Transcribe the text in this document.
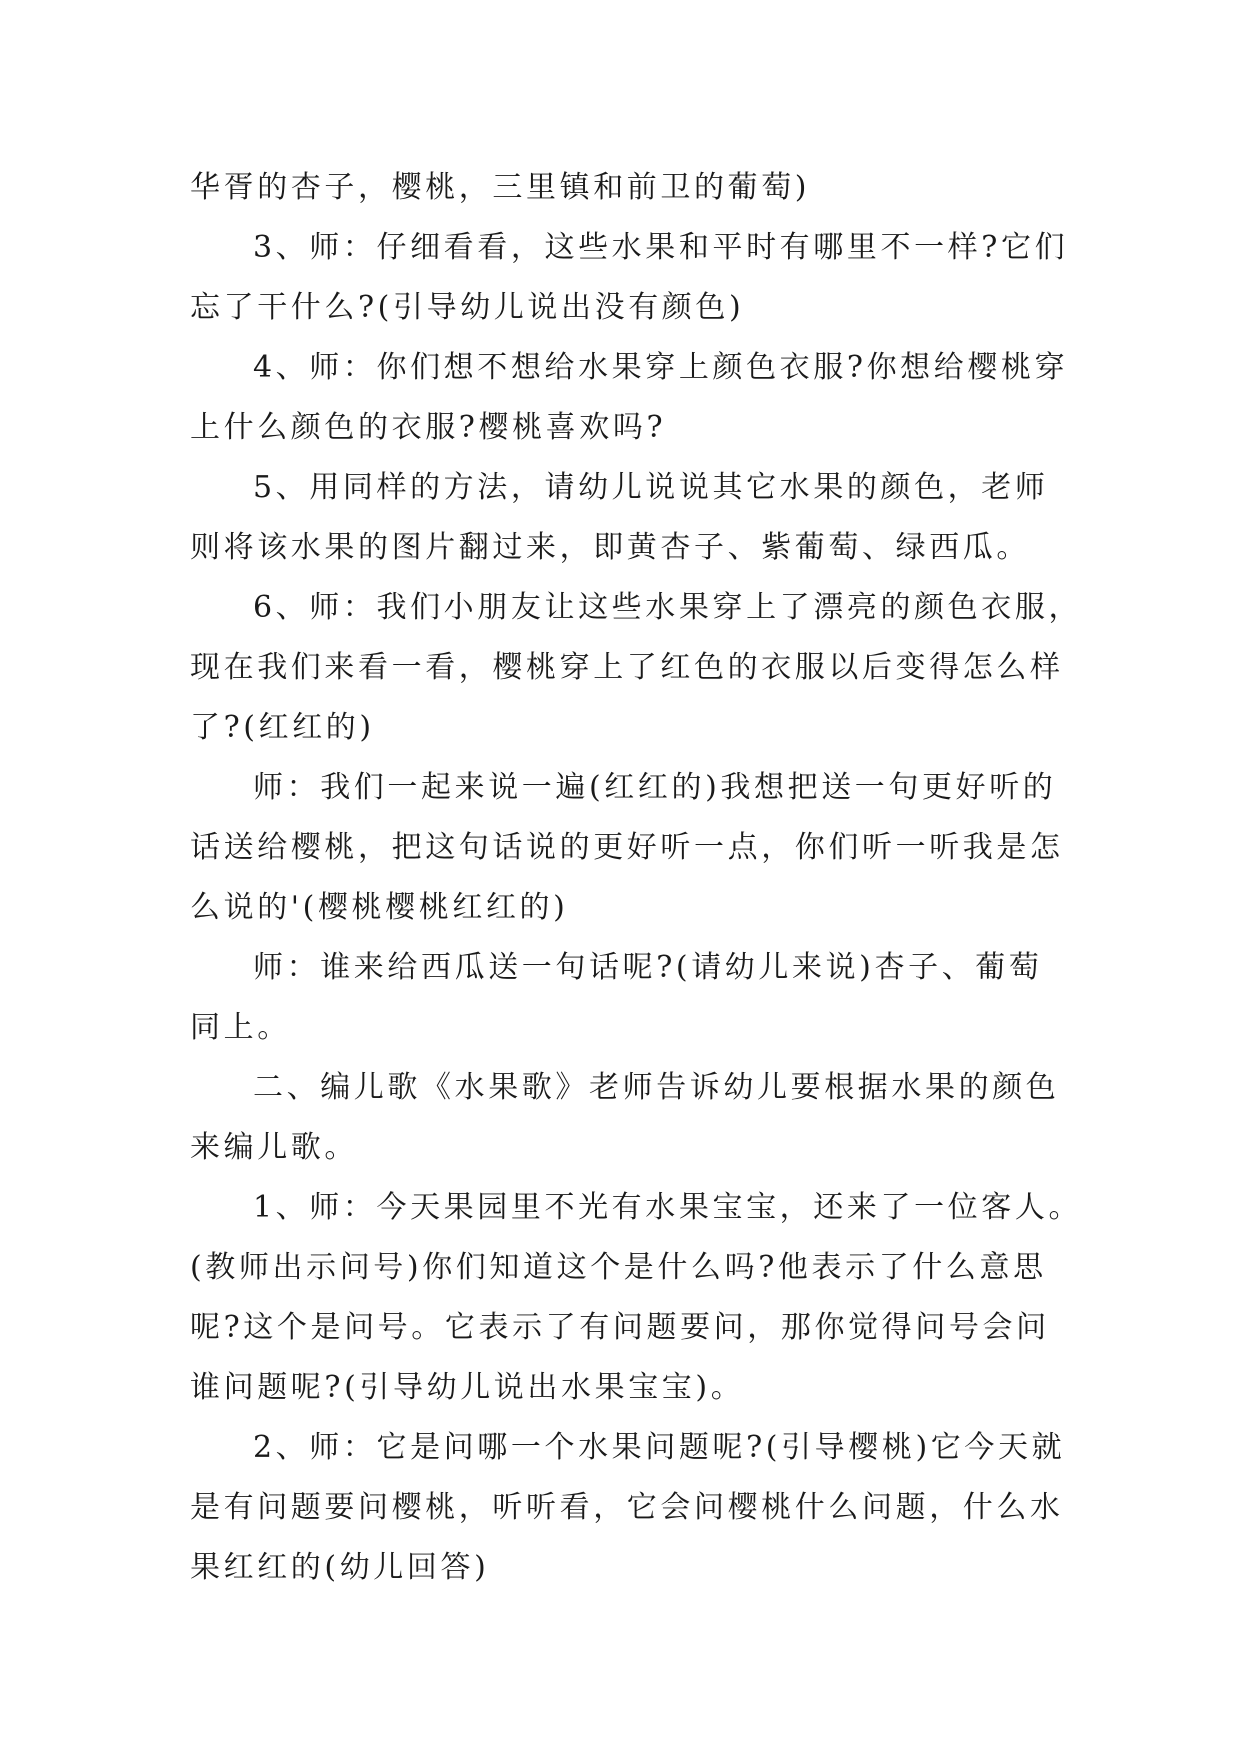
华胥的杏子，樱桃，三里镇和前卫的葡萄)
3、师：仔细看看，这些水果和平时有哪里不一样?它们
忘了干什么?(引导幼儿说出没有颜色)
4、师：你们想不想给水果穿上颜色衣服?你想给樱桃穿
上什么颜色的衣服?樱桃喜欢吗?
5、用同样的方法，请幼儿说说其它水果的颜色，老师
则将该水果的图片翻过来，即黄杏子、紫葡萄、绿西瓜。
6、师：我们小朋友让这些水果穿上了漂亮的颜色衣服，
现在我们来看一看，樱桃穿上了红色的衣服以后变得怎么样
了?(红红的)
师：我们一起来说一遍(红红的)我想把送一句更好听的
话送给樱桃，把这句话说的更好听一点，你们听一听我是怎
么说的'(樱桃樱桃红红的)
师：谁来给西瓜送一句话呢?(请幼儿来说)杏子、葡萄
同上。
二、编儿歌《水果歌》老师告诉幼儿要根据水果的颜色
来编儿歌。
1、师：今天果园里不光有水果宝宝，还来了一位客人。
(教师出示问号)你们知道这个是什么吗?他表示了什么意思
呢?这个是问号。它表示了有问题要问，那你觉得问号会问
谁问题呢?(引导幼儿说出水果宝宝)。
2、师：它是问哪一个水果问题呢?(引导樱桃)它今天就
是有问题要问樱桃，听听看，它会问樱桃什么问题，什么水
果红红的(幼儿回答)
